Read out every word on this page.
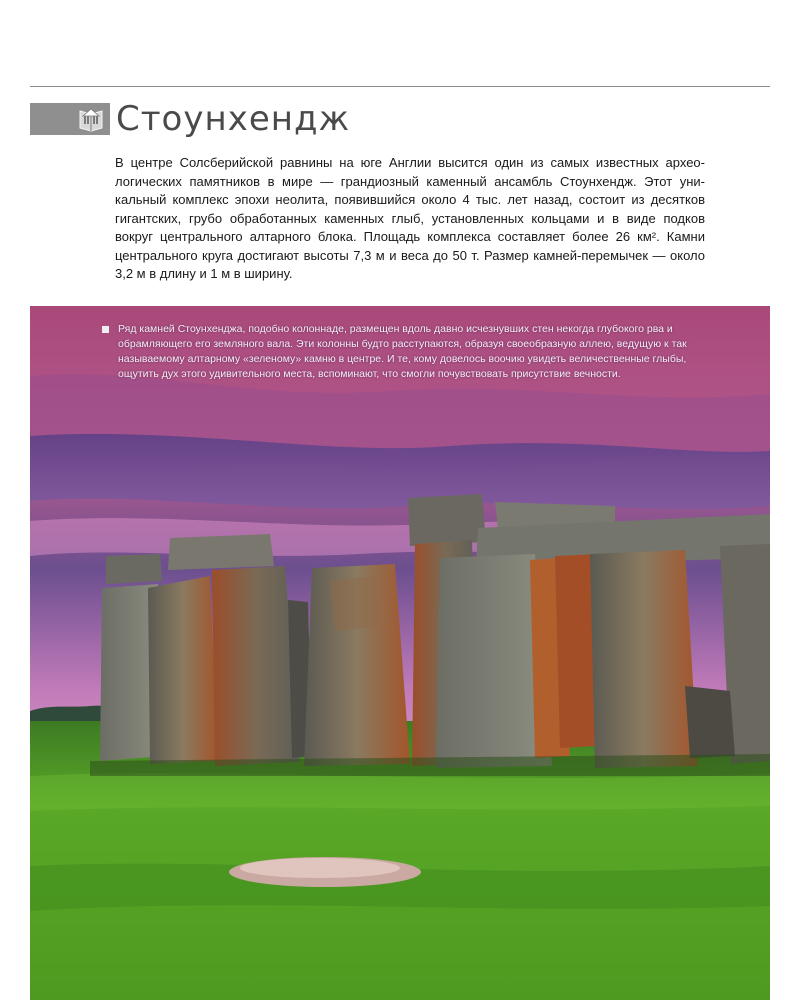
Стоунхендж
В центре Солсберийской равнины на юге Англии высится один из самых известных археологических памятников в мире — грандиозный каменный ансамбль Стоунхендж. Этот уникальный комплекс эпохи неолита, появившийся около 4 тыс. лет назад, состоит из десятков гигантских, грубо обработанных каменных глыб, установленных кольцами и в виде подков вокруг центрального алтарного блока. Площадь комплекса составляет более 26 км². Камни центрального круга достигают высоты 7,3 м и веса до 50 т. Размер камней-перемычек — около 3,2 м в длину и 1 м в ширину.
Ряд камней Стоунхенджа, подобно колоннаде, размещен вдоль давно исчезнувших стен некогда глубокого рва и обрамляющего его земляного вала. Эти колонны будто расступаются, образуя своеобразную аллею, ведущую к так называемому алтарному «зеленому» камню в центре. И те, кому довелось воочию увидеть величественные глыбы, ощутить дух этого удивительного места, вспоминают, что смогли почувствовать присутствие вечности.
